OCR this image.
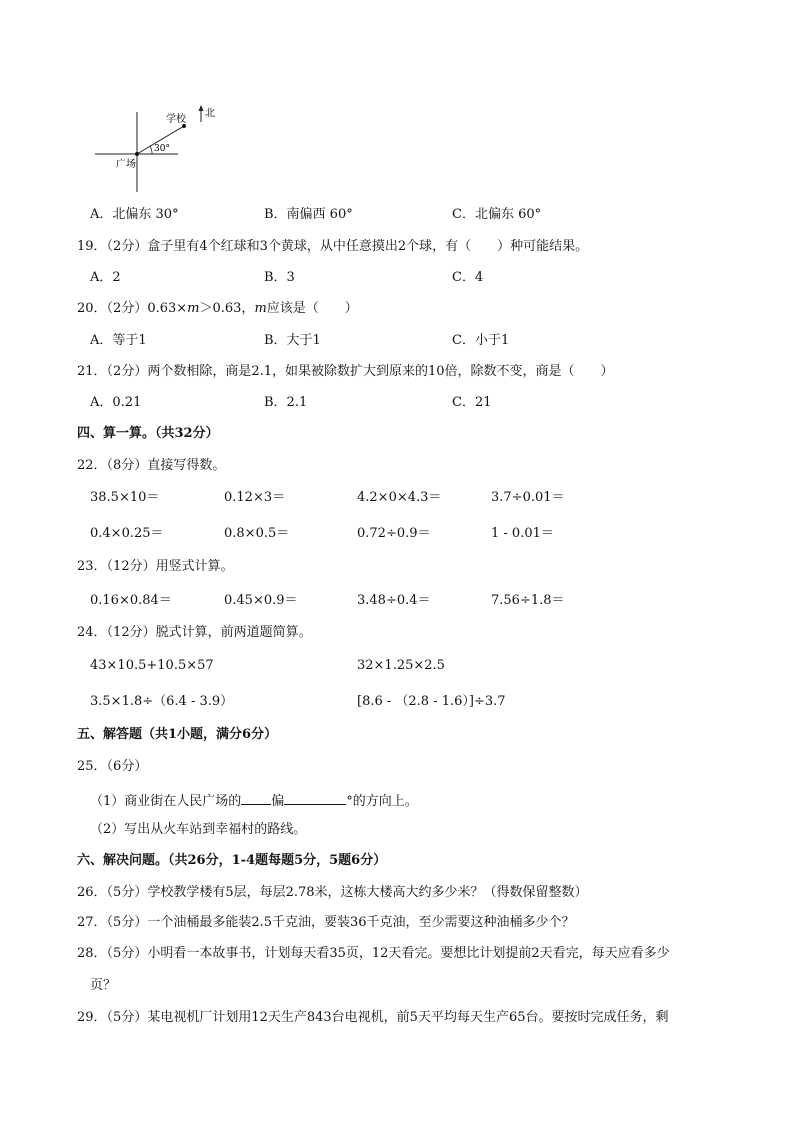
学校
北
广场
30°
A．北偏东 30°	B．南偏西 60°	C．北偏东 60°
19．（2分）盒子里有4个红球和3个黄球，从中任意摸出2个球，有（　　）种可能结果。
A．2	B．3	C．4
20．（2分）0.63×m＞0.63，m应该是（　　）
A．等于1	B．大于1	C．小于1
21．（2分）两个数相除，商是2.1，如果被除数扩大到原来的10倍，除数不变，商是（　　）
A．0.21	B．2.1	C．21
四、算一算。（共32分）
22．（8分）直接写得数。
38.5×10＝	0.12×3＝	4.2×0×4.3＝	3.7÷0.01＝
0.4×0.25＝	0.8×0.5＝	0.72÷0.9＝	1 - 0.01＝
23．（12分）用竖式计算。
0.16×0.84＝	0.45×0.9＝	3.48÷0.4＝	7.56÷1.8＝
24．（12分）脱式计算，前两道题简算。
43×10.5+10.5×57	32×1.25×2.5
3.5×1.8÷（6.4 - 3.9）	[8.6 - （2.8 - 1.6）]÷3.7
五、解答题（共1小题，满分6分）
25．（6分）
（1）商业街在人民广场的 偏	°的方向上。
（2）写出从火车站到幸福村的路线。
六、解决问题。（共26分，1-4题每题5分，5题6分）
26．（5分）学校教学楼有5层，每层2.78米，这栋大楼高大约多少米？（得数保留整数）
27．（5分）一个油桶最多能装2.5千克油，要装36千克油，至少需要这种油桶多少个？
28．（5分）小明看一本故事书，计划每天看35页，12天看完。要想比计划提前2天看完，每天应看多少
页？
29．（5分）某电视机厂计划用12天生产843台电视机，前5天平均每天生产65台。要按时完成任务，剩
